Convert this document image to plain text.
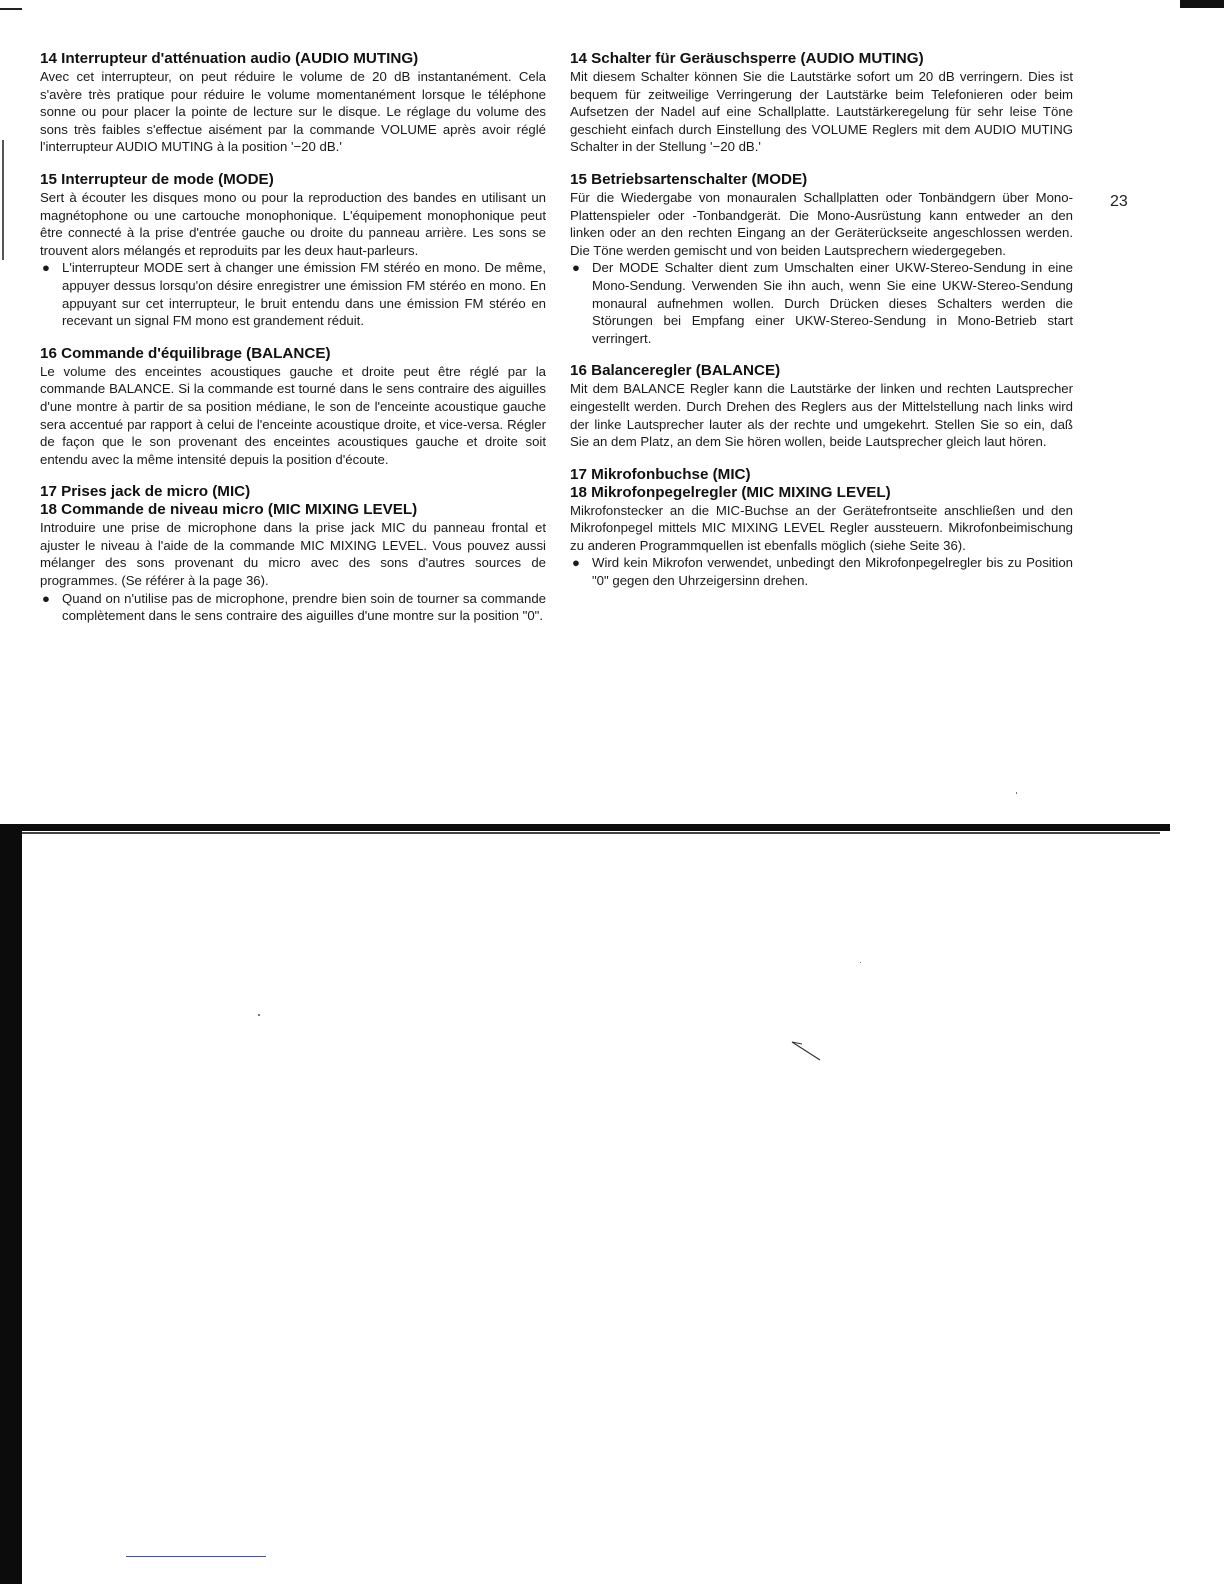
23

14 Interrupteur d'atténuation audio (AUDIO MUTING)

Avec cet interrupteur, on peut réduire le volume de 20 dB instantanément. Cela s'avère très pratique pour réduire le volume momentanément lorsque le téléphone sonne ou pour placer la pointe de lecture sur le disque. Le réglage du volume des sons très faibles s'effectue aisément par la commande VOLUME après avoir réglé l'interrupteur AUDIO MUTING à la position '−20 dB.'

15 Interrupteur de mode (MODE)

Sert à écouter les disques mono ou pour la reproduction des bandes en utilisant un magnétophone ou une cartouche monophonique. L'équipement monophonique peut être connecté à la prise d'entrée gauche ou droite du panneau arrière. Les sons se trouvent alors mélangés et reproduits par les deux haut-parleurs.

● L'interrupteur MODE sert à changer une émission FM stéréo en mono. De même, appuyer dessus lorsqu'on désire enregistrer une émission FM stéréo en mono. En appuyant sur cet interrupteur, le bruit entendu dans une émission FM stéréo en recevant un signal FM mono est grandement réduit.

16 Commande d'équilibrage (BALANCE)

Le volume des enceintes acoustiques gauche et droite peut être réglé par la commande BALANCE. Si la commande est tourné dans le sens contraire des aiguilles d'une montre à partir de sa position médiane, le son de l'enceinte acoustique gauche sera accentué par rapport à celui de l'enceinte acoustique droite, et vice-versa. Régler de façon que le son provenant des enceintes acoustiques gauche et droite soit entendu avec la même intensité depuis la position d'écoute.

17 Prises jack de micro (MIC)

18 Commande de niveau micro (MIC MIXING LEVEL)

Introduire une prise de microphone dans la prise jack MIC du panneau frontal et ajuster le niveau à l'aide de la commande MIC MIXING LEVEL. Vous pouvez aussi mélanger des sons provenant du micro avec des sons d'autres sources de programmes. (Se référer à la page 36).

● Quand on n'utilise pas de microphone, prendre bien soin de tourner sa commande complètement dans le sens contraire des aiguilles d'une montre sur la position "0".

14 Schalter für Geräuschsperre (AUDIO MUTING)

Mit diesem Schalter können Sie die Lautstärke sofort um 20 dB verringern. Dies ist bequem für zeitweilige Verringerung der Lautstärke beim Telefonieren oder beim Aufsetzen der Nadel auf eine Schallplatte. Lautstärkeregelung für sehr leise Töne geschieht einfach durch Einstellung des VOLUME Reglers mit dem AUDIO MUTING Schalter in der Stellung '−20 dB.'

15 Betriebsartenschalter (MODE)

Für die Wiedergabe von monauralen Schallplatten oder Tonbändgern über Mono-Plattenspieler oder -Tonbandgerät. Die Mono-Ausrüstung kann entweder an den linken oder an den rechten Eingang an der Geräterückseite angeschlossen werden. Die Töne werden gemischt und von beiden Lautsprechern wiedergegeben.

● Der MODE Schalter dient zum Umschalten einer UKW-Stereo-Sendung in eine Mono-Sendung. Verwenden Sie ihn auch, wenn Sie eine UKW-Stereo-Sendung monaural aufnehmen wollen. Durch Drücken dieses Schalters werden die Störungen bei Empfang einer UKW-Stereo-Sendung in Mono-Betrieb start verringert.

16 Balanceregler (BALANCE)

Mit dem BALANCE Regler kann die Lautstärke der linken und rechten Lautsprecher eingestellt werden. Durch Drehen des Reglers aus der Mittelstellung nach links wird der linke Lautsprecher lauter als der rechte und umgekehrt. Stellen Sie so ein, daß Sie an dem Platz, an dem Sie hören wollen, beide Lautsprecher gleich laut hören.

17 Mikrofonbuchse (MIC)

18 Mikrofonpegelregler (MIC MIXING LEVEL)

Mikrofonstecker an die MIC-Buchse an der Gerätefrontseite anschließen und den Mikrofonpegel mittels MIC MIXING LEVEL Regler aussteuern. Mikrofonbeimischung zu anderen Programmquellen ist ebenfalls möglich (siehe Seite 36).

● Wird kein Mikrofon verwendet, unbedingt den Mikrofonpegelregler bis zu Position "0" gegen den Uhrzeigersinn drehen.
